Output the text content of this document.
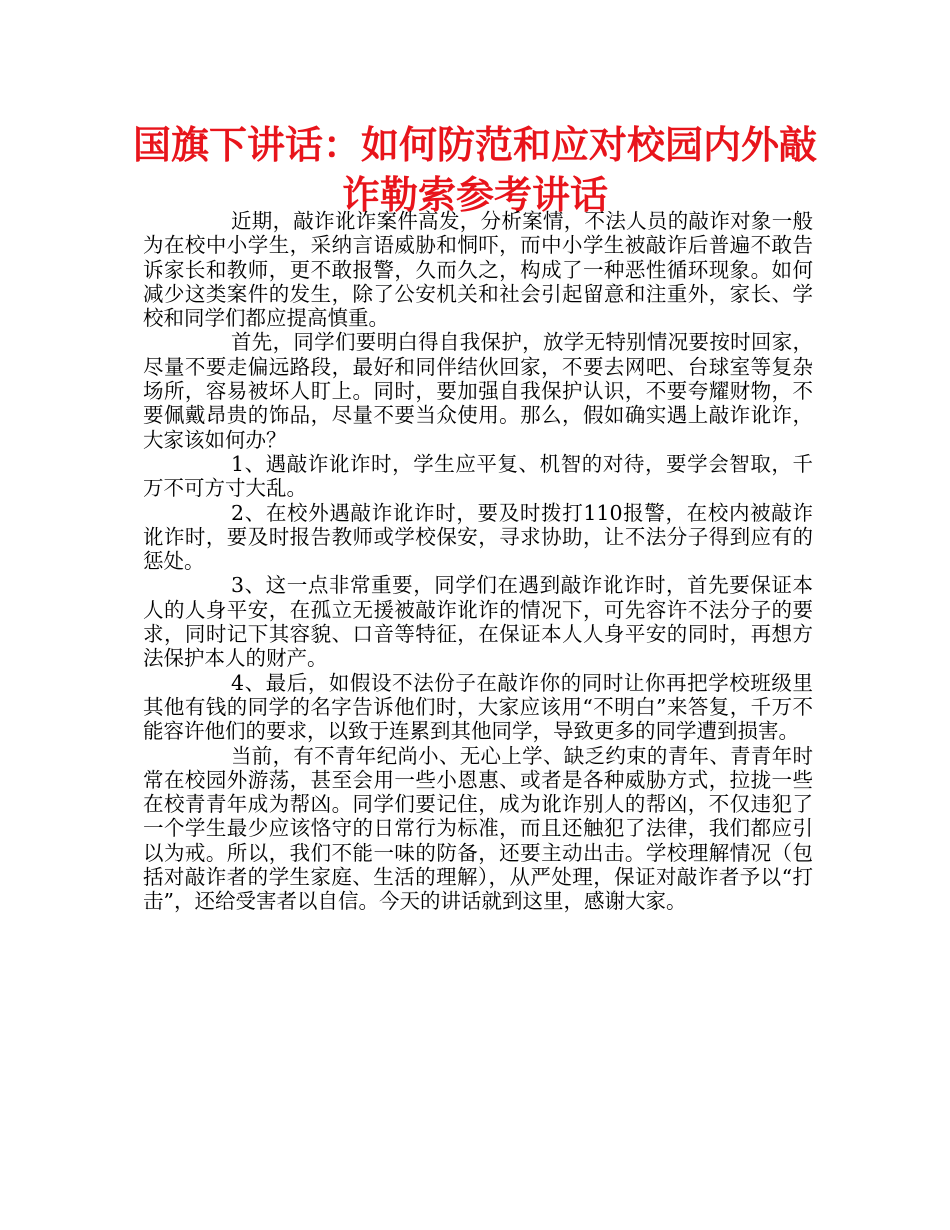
国旗下讲话：如何防范和应对校园内外敲诈勒索参考讲话

近期，敲诈讹诈案件高发，分析案情，不法人员的敲诈对象一般为在校中小学生，采纳言语威胁和恫吓，而中小学生被敲诈后普遍不敢告诉家长和教师，更不敢报警，久而久之，构成了一种恶性循环现象。如何减少这类案件的发生，除了公安机关和社会引起留意和注重外，家长、学校和同学们都应提高慎重。

首先，同学们要明白得自我保护，放学无特别情况要按时回家，尽量不要走偏远路段，最好和同伴结伙回家，不要去网吧、台球室等复杂场所，容易被坏人盯上。同时，要加强自我保护认识，不要夸耀财物，不要佩戴昂贵的饰品，尽量不要当众使用。那么，假如确实遇上敲诈讹诈，大家该如何办？

1、遇敲诈讹诈时，学生应平复、机智的对待，要学会智取，千万不可方寸大乱。

2、在校外遇敲诈讹诈时，要及时拨打110报警，在校内被敲诈讹诈时，要及时报告教师或学校保安，寻求协助，让不法分子得到应有的惩处。

3、这一点非常重要，同学们在遇到敲诈讹诈时，首先要保证本人的人身平安，在孤立无援被敲诈讹诈的情况下，可先容许不法分子的要求，同时记下其容貌、口音等特征，在保证本人人身平安的同时，再想方法保护本人的财产。

4、最后，如假设不法份子在敲诈你的同时让你再把学校班级里其他有钱的同学的名字告诉他们时，大家应该用“不明白”来答复，千万不能容许他们的要求，以致于连累到其他同学，导致更多的同学遭到损害。

当前，有不青年纪尚小、无心上学、缺乏约束的青年、青青年时常在校园外游荡，甚至会用一些小恩惠、或者是各种威胁方式，拉拢一些在校青青年成为帮凶。同学们要记住，成为讹诈别人的帮凶，不仅违犯了一个学生最少应该恪守的日常行为标准，而且还触犯了法律，我们都应引以为戒。所以，我们不能一味的防备，还要主动出击。学校理解情况（包括对敲诈者的学生家庭、生活的理解），从严处理，保证对敲诈者予以“打击”，还给受害者以自信。今天的讲话就到这里，感谢大家。
